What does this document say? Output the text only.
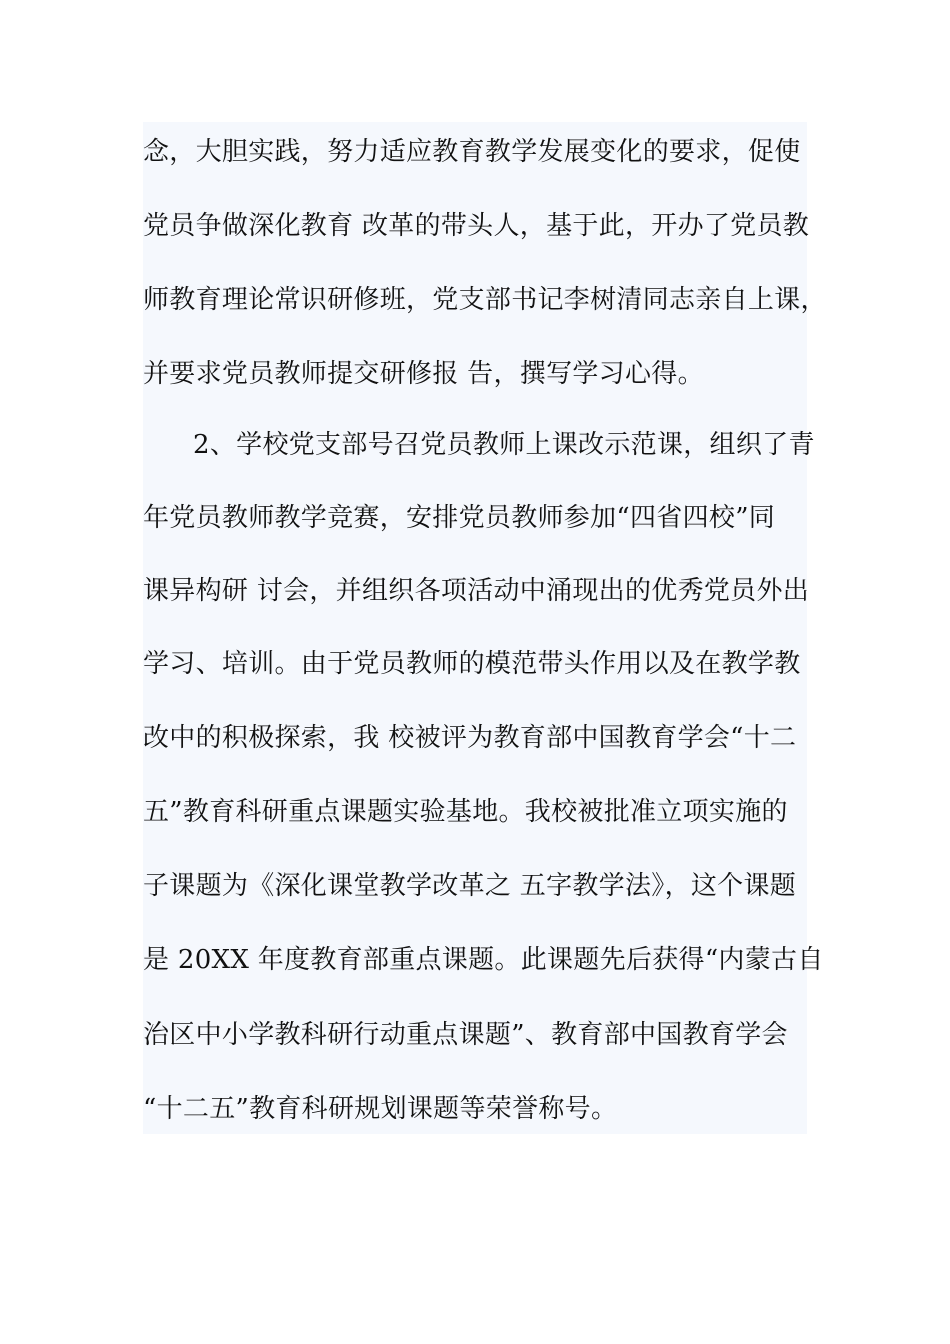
念，大胆实践，努力适应教育教学发展变化的要求，促使
党员争做深化教育 改革的带头人，基于此，开办了党员教
师教育理论常识研修班，党支部书记李树清同志亲自上课，
并要求党员教师提交研修报 告，撰写学习心得。
2、学校党支部号召党员教师上课改示范课，组织了青
年党员教师教学竞赛，安排党员教师参加“四省四校”同
课异构研 讨会，并组织各项活动中涌现出的优秀党员外出
学习、培训。由于党员教师的模范带头作用以及在教学教
改中的积极探索，我 校被评为教育部中国教育学会“十二
五”教育科研重点课题实验基地。我校被批准立项实施的
子课题为《深化课堂教学改革之 五字教学法》，这个课题
是 20XX 年度教育部重点课题。此课题先后获得“内蒙古自
治区中小学教科研行动重点课题”、教育部中国教育学会
“十二五”教育科研规划课题等荣誉称号。
